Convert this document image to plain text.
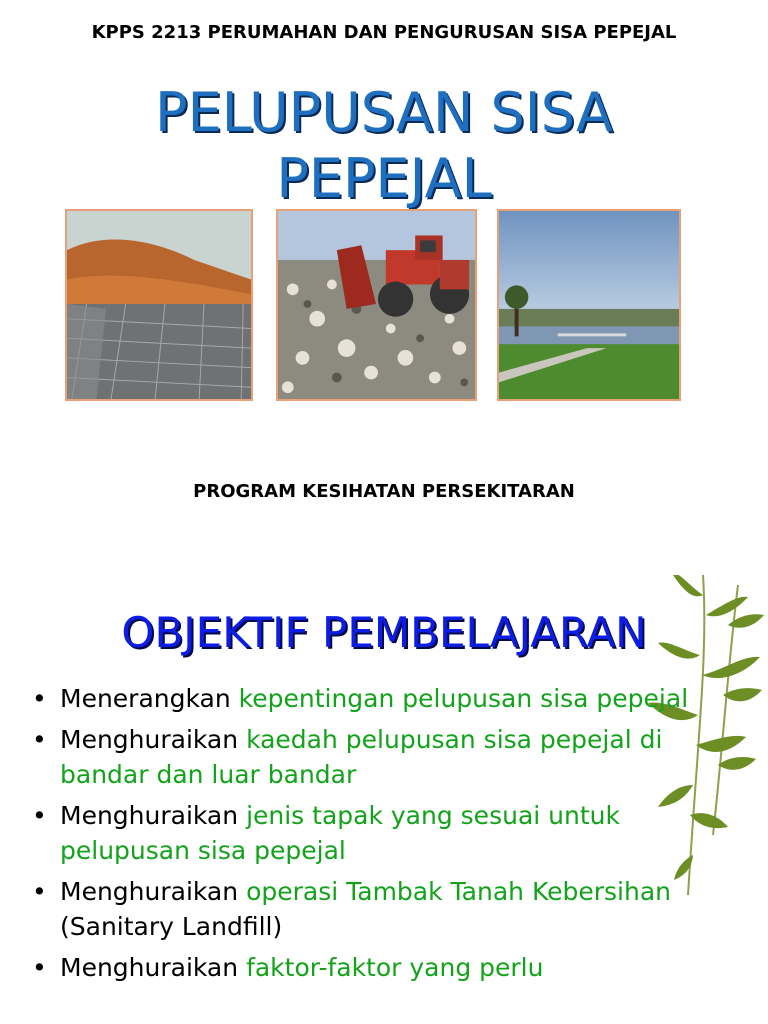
KPPS 2213 PERUMAHAN DAN PENGURUSAN SISA PEPEJAL
PELUPUSAN SISA
PEPEJAL
PROGRAM KESIHATAN PERSEKITARAN
OBJEKTIF PEMBELAJARAN
• Menerangkan kepentingan pelupusan sisa pepejal
• Menghuraikan kaedah pelupusan sisa pepejal di bandar dan luar bandar
• Menghuraikan jenis tapak yang sesuai untuk pelupusan sisa pepejal
• Menghuraikan operasi Tambak Tanah Kebersihan (Sanitary Landfill)
• Menghuraikan faktor-faktor yang perlu
